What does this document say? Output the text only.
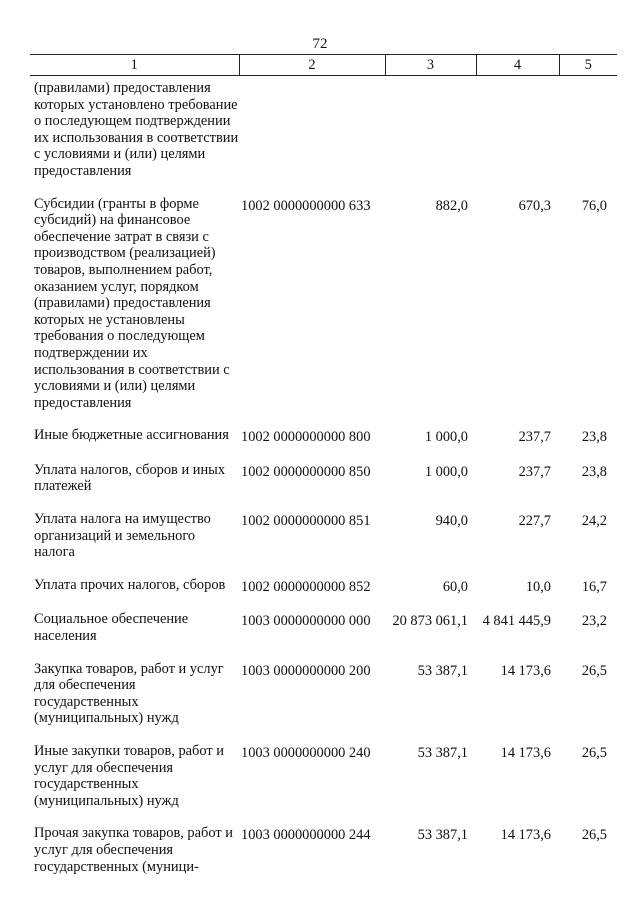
72
1	2	3	4	5
(правилами) предоставления которых установлено требование о последующем подтверждении их использования в соответствии с условиями и (или) целями предоставления				
Субсидии (гранты в форме субсидий) на финансовое обеспечение затрат в связи с производством (реализацией) товаров, выполнением работ, оказанием услуг, порядком (правилами) предоставления которых не установлены требования о последующем подтверждении их использования в соответствии с условиями и (или) целями предоставления	1002 0000000000 633	882,0	670,3	76,0
Иные бюджетные ассигнования	1002 0000000000 800	1 000,0	237,7	23,8
Уплата налогов, сборов и иных платежей	1002 0000000000 850	1 000,0	237,7	23,8
Уплата налога на имущество организаций и земельного налога	1002 0000000000 851	940,0	227,7	24,2
Уплата прочих налогов, сборов	1002 0000000000 852	60,0	10,0	16,7
Социальное обеспечение населения	1003 0000000000 000	20 873 061,1	4 841 445,9	23,2
Закупка товаров, работ и услуг для обеспечения государственных (муниципальных) нужд	1003 0000000000 200	53 387,1	14 173,6	26,5
Иные закупки товаров, работ и услуг для обеспечения государственных (муниципальных) нужд	1003 0000000000 240	53 387,1	14 173,6	26,5
Прочая закупка товаров, работ и услуг для обеспечения государственных (муници-	1003 0000000000 244	53 387,1	14 173,6	26,5
